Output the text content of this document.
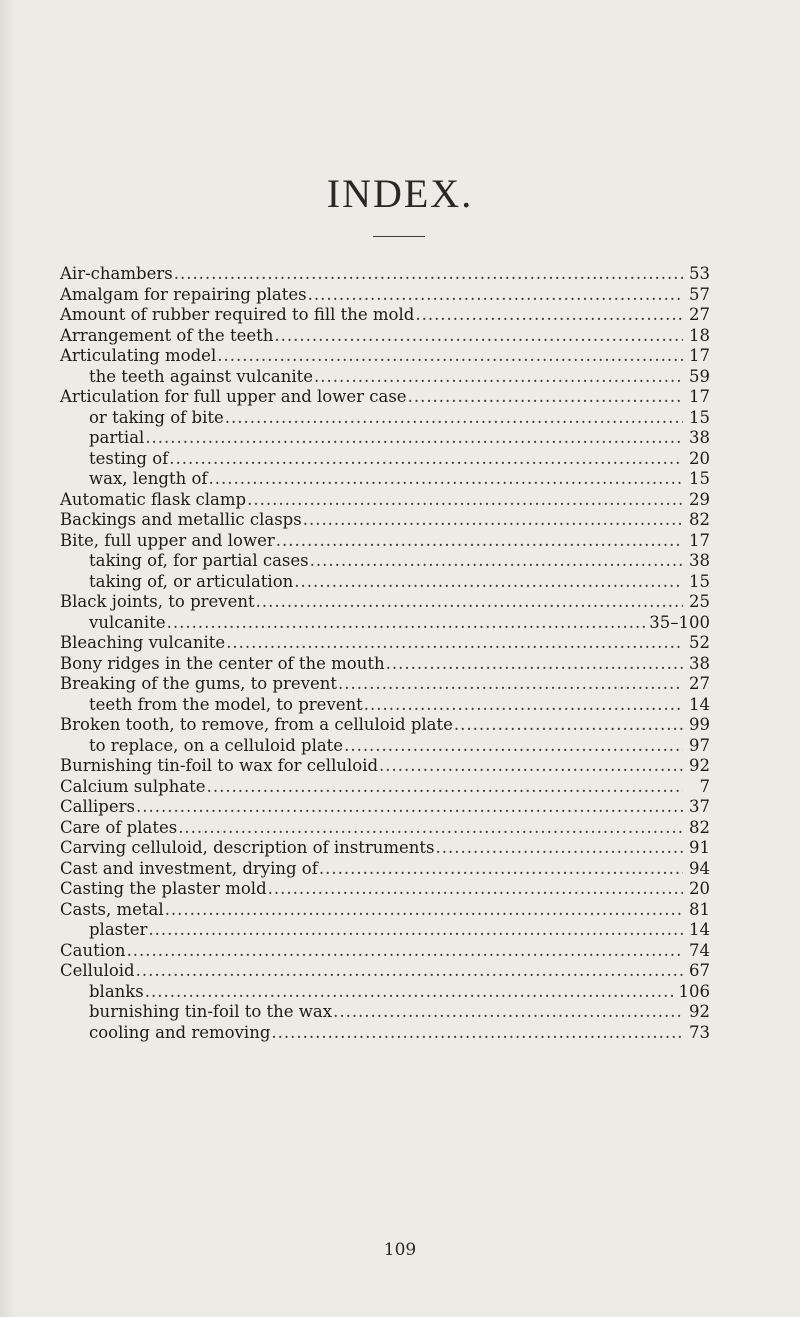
INDEX.
Air-chambers .....	53
Amalgam for repairing plates .....	57
Amount of rubber required to fill the mold .....	27
Arrangement of the teeth .....	18
Articulating model .....	17
the teeth against vulcanite .....	59
Articulation for full upper and lower case .....	17
or taking of bite .....	15
partial .....	38
testing of .....	20
wax, length of .....	15
Automatic flask clamp .....	29
Backings and metallic clasps .....	82
Bite, full upper and lower .....	17
taking of, for partial cases .....	38
taking of, or articulation .....	15
Black joints, to prevent .....	25
vulcanite .....	35–100
Bleaching vulcanite .....	52
Bony ridges in the center of the mouth .....	38
Breaking of the gums, to prevent .....	27
teeth from the model, to prevent .....	14
Broken tooth, to remove, from a celluloid plate .....	99
to replace, on a celluloid plate .....	97
Burnishing tin-foil to wax for celluloid .....	92
Calcium sulphate .....	7
Callipers .....	37
Care of plates .....	82
Carving celluloid, description of instruments .....	91
Cast and investment, drying of .....	94
Casting the plaster mold .....	20
Casts, metal .....	81
plaster .....	14
Caution .....	74
Celluloid .....	67
blanks .....	106
burnishing tin-foil to the wax .....	92
cooling and removing .....	73
109
